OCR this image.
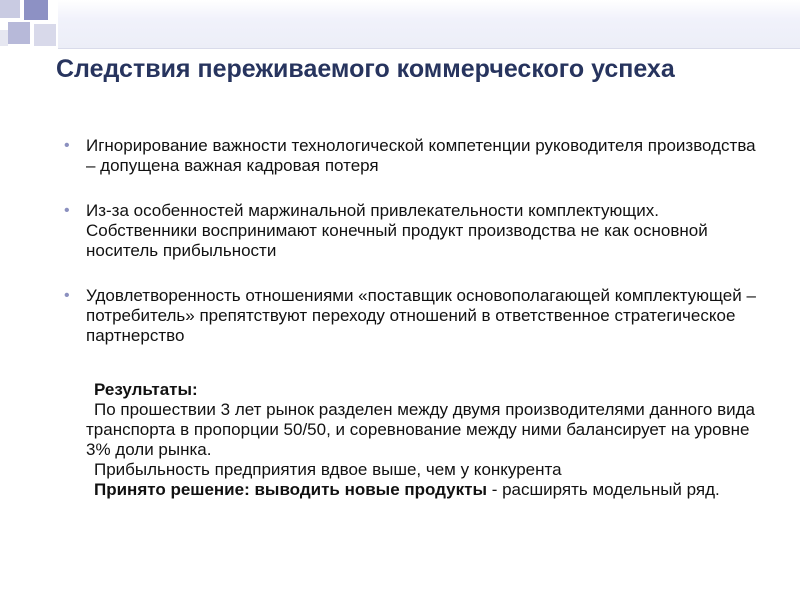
Следствия переживаемого коммерческого успеха
• Игнорирование важности технологической компетенции руководителя производства – допущена важная кадровая потеря
• Из-за особенностей маржинальной привлекательности комплектующих. Собственники воспринимают конечный продукт производства не как основной носитель прибыльности
• Удовлетворенность отношениями «поставщик основополагающей комплектующей –потребитель» препятствуют переходу отношений в ответственное стратегическое партнерство

Результаты:

По прошествии 3 лет рынок разделен между двумя производителями данного вида транспорта в пропорции 50/50, и соревнование между ними балансирует на уровне 3% доли рынка.

Прибыльность предприятия вдвое выше, чем у конкурента

Принято решение: выводить новые продукты - расширять модельный ряд.
